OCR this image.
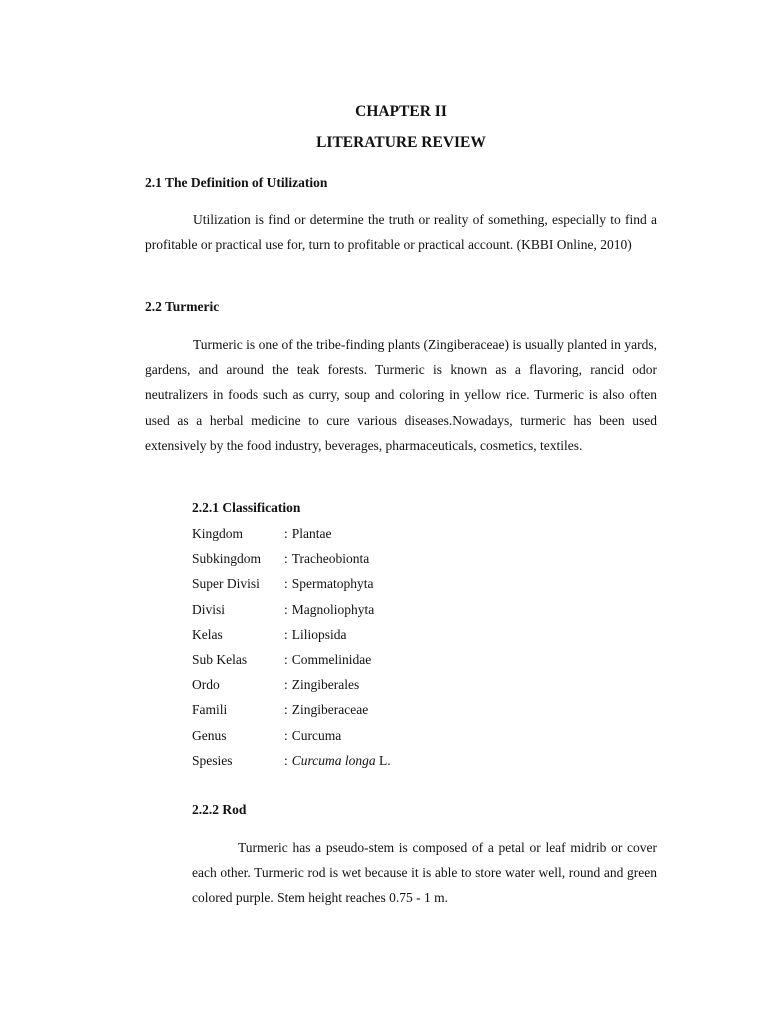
CHAPTER II
LITERATURE REVIEW
2.1 The Definition of Utilization
Utilization is find or determine the truth or reality of something, especially to find a profitable or practical use for, turn to profitable or practical account. (KBBI Online, 2010)
2.2 Turmeric
Turmeric is one of the tribe-finding plants (Zingiberaceae) is usually planted in yards, gardens, and around the teak forests. Turmeric is known as a flavoring, rancid odor neutralizers in foods such as curry, soup and coloring in yellow rice. Turmeric is also often used as a herbal medicine to cure various diseases.Nowadays, turmeric has been used extensively by the food industry, beverages, pharmaceuticals, cosmetics, textiles.
2.2.1 Classification
Kingdom	: Plantae
Subkingdom : Tracheobionta
Super Divisi : Spermatophyta
Divisi	: Magnoliophyta
Kelas	: Liliopsida
Sub Kelas	: Commelinidae
Ordo	: Zingiberales
Famili	: Zingiberaceae
Genus	: Curcuma
Spesies	: Curcuma longa L.
2.2.2 Rod
Turmeric has a pseudo-stem is composed of a petal or leaf midrib or cover each other. Turmeric rod is wet because it is able to store water well, round and green colored purple. Stem height reaches 0.75 - 1 m.
